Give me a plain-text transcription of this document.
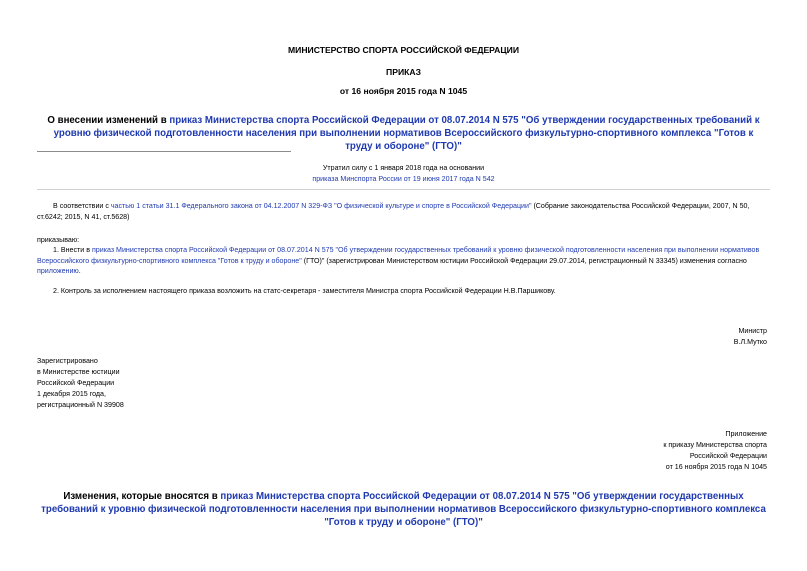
МИНИСТЕРСТВО СПОРТА РОССИЙСКОЙ ФЕДЕРАЦИИ
ПРИКАЗ
от 16 ноября 2015 года N 1045
О внесении изменений в приказ Министерства спорта Российской Федерации от 08.07.2014 N 575 "Об утверждении государственных требований к уровню физической подготовленности населения при выполнении нормативов Всероссийского физкультурно-спортивного комплекса "Готов к труду и обороне" (ГТО)"
Утратил силу с 1 января 2018 года на основании
приказа Минспорта России от 19 июня 2017 года N 542
В соответствии с частью 1 статьи 31.1 Федерального закона от 04.12.2007 N 329-ФЗ "О физической культуре и спорте в Российской Федерации" (Собрание законодательства Российской Федерации, 2007, N 50, ст.6242; 2015, N 41, ст.5628)
приказываю:
1. Внести в приказ Министерства спорта Российской Федерации от 08.07.2014 N 575 "Об утверждении государственных требований к уровню физической подготовленности населения при выполнении нормативов Всероссийского физкультурно-спортивного комплекса "Готов к труду и обороне" (ГТО)" (зарегистрирован Министерством юстиции Российской Федерации 29.07.2014, регистрационный N 33345) изменения согласно приложению.
2. Контроль за исполнением настоящего приказа возложить на статс-секретаря - заместителя Министра спорта Российской Федерации Н.В.Паршикову.
Министр
В.Л.Мутко
Зарегистрировано
в Министерстве юстиции
Российской Федерации
1 декабря 2015 года,
регистрационный N 39908
Приложение
к приказу Министерства спорта
Российской Федерации
от 16 ноября 2015 года N 1045
Изменения, которые вносятся в приказ Министерства спорта Российской Федерации от 08.07.2014 N 575 "Об утверждении государственных требований к уровню физической подготовленности населения при выполнении нормативов Всероссийского физкультурно-спортивного комплекса "Готов к труду и обороне" (ГТО)"
